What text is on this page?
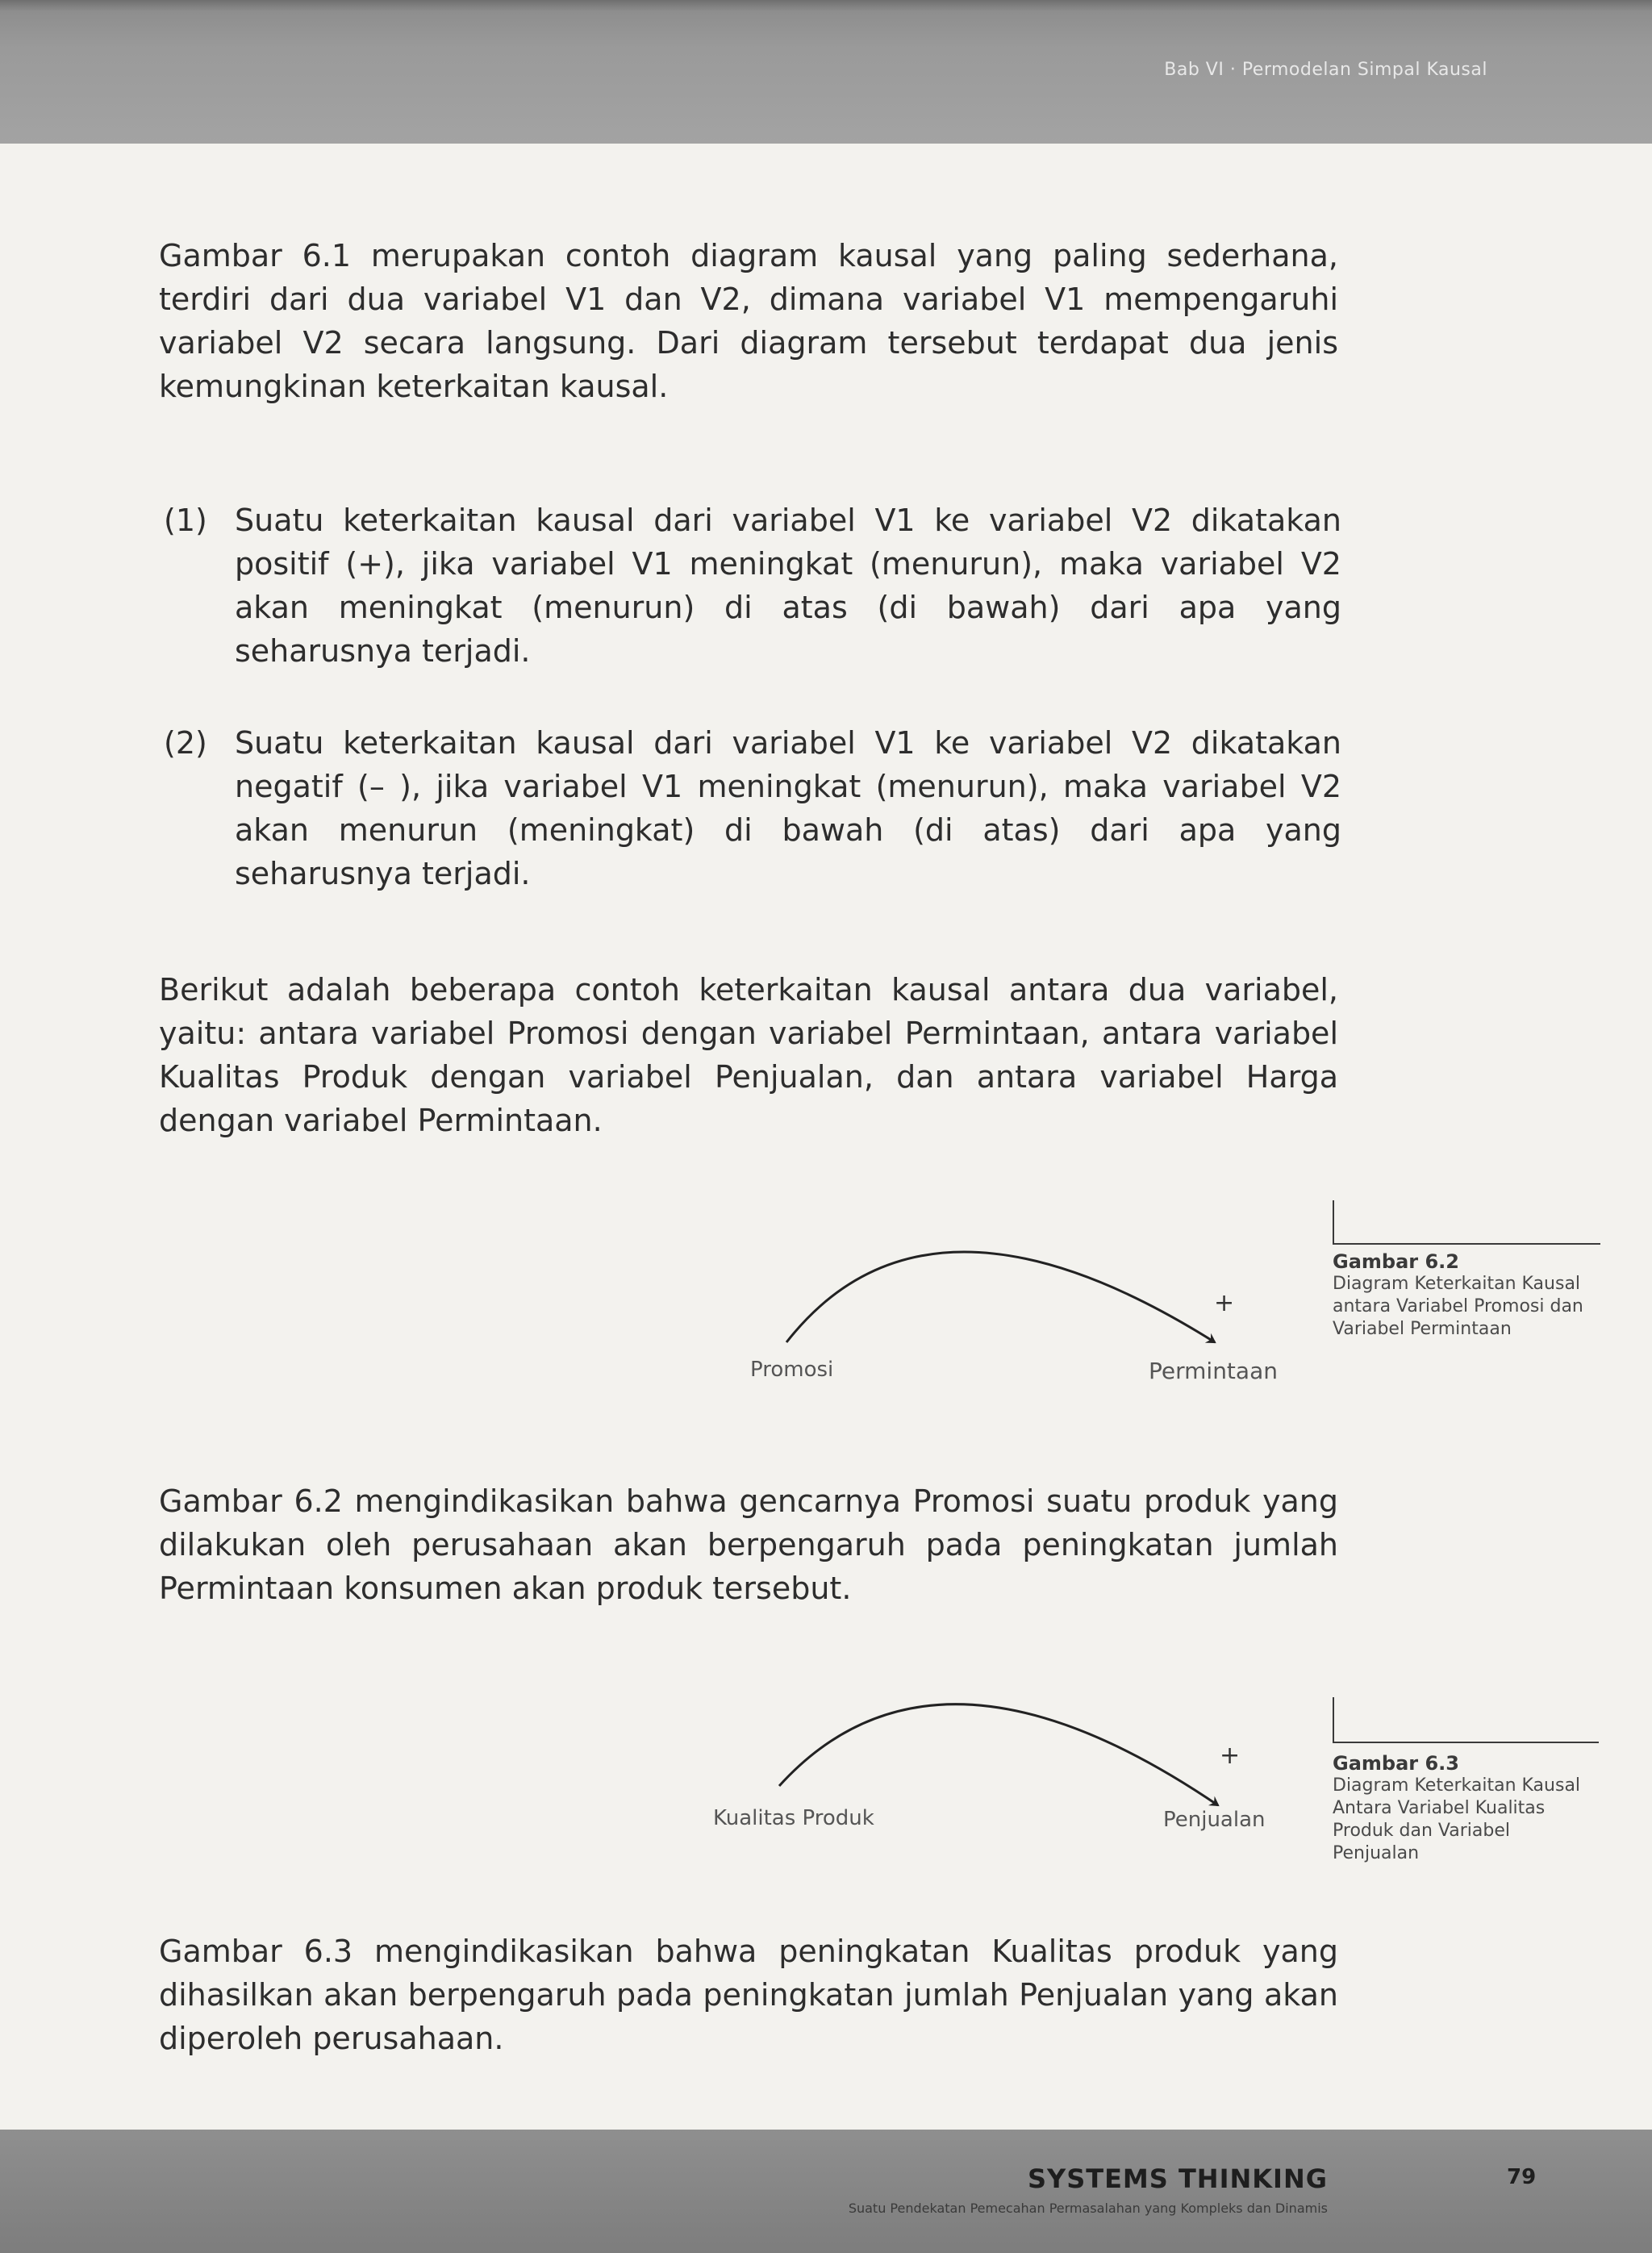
Bab VI · Permodelan Simpal Kausal
Gambar 6.1 merupakan contoh diagram kausal yang paling sederhana, terdiri dari dua variabel V1 dan V2, dimana variabel V1 mempengaruhi variabel V2 secara langsung. Dari diagram tersebut terdapat dua jenis kemungkinan keterkaitan kausal.
(1) Suatu keterkaitan kausal dari variabel V1 ke variabel V2 dikatakan positif (+), jika variabel V1 meningkat (menurun), maka variabel V2 akan meningkat (menurun) di atas (di bawah) dari apa yang seharusnya terjadi.
(2) Suatu keterkaitan kausal dari variabel V1 ke variabel V2 dikatakan negatif (– ), jika variabel V1 meningkat (menurun), maka variabel V2 akan menurun (meningkat) di bawah (di atas) dari apa yang seharusnya terjadi.
Berikut adalah beberapa contoh keterkaitan kausal antara dua variabel, yaitu: antara variabel Promosi dengan variabel Permintaan, antara variabel Kualitas Produk dengan variabel Penjualan, dan antara variabel Harga dengan variabel Permintaan.
Promosi	Permintaan
+
Kualitas Produk	Penjualan
+
Gambar 6.2
Diagram Keterkaitan Kausal antara Variabel Promosi dan Variabel Permintaan
Gambar 6.2 mengindikasikan bahwa gencarnya Promosi suatu produk yang dilakukan oleh perusahaan akan berpengaruh pada peningkatan jumlah Permintaan konsumen akan produk tersebut.
Gambar 6.3
Diagram Keterkaitan Kausal Antara Variabel Kualitas Produk dan Variabel Penjualan
Gambar 6.3 mengindikasikan bahwa peningkatan Kualitas produk yang dihasilkan akan berpengaruh pada peningkatan jumlah Penjualan yang akan diperoleh perusahaan.
SYSTEMS THINKING
Suatu Pendekatan Pemecahan Permasalahan yang Kompleks dan Dinamis
79
